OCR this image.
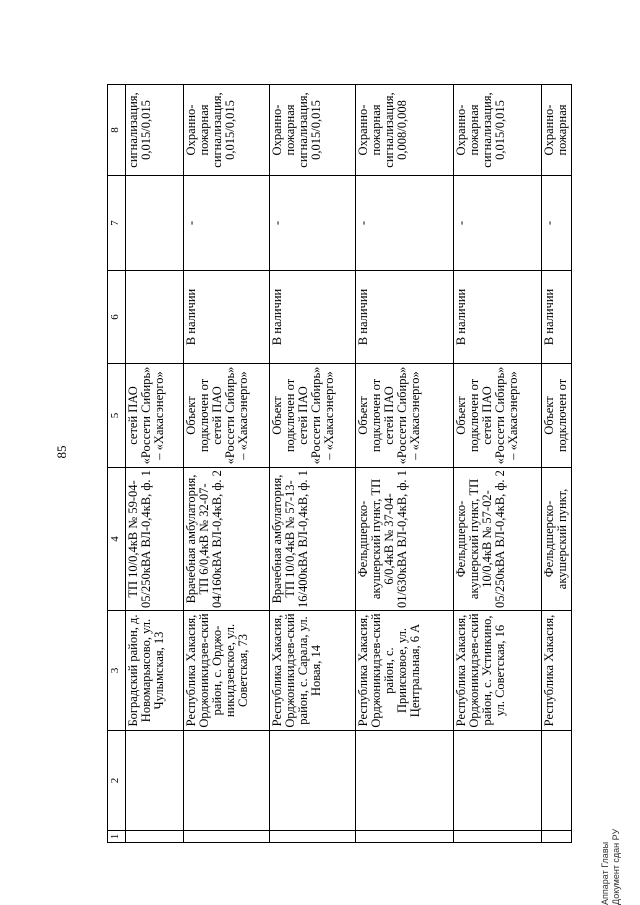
85
1	2	3	4	5	6	7	8
		Боградский район, д. Новомарьясово, ул. Чулымская, 13	ТП 10/0,4кВ № 59-04-05/250кВА ВЛ-0,4кВ, ф. 1	сетей ПАО «Россети Сибирь» – «Хакасэнерго»			сигнализация, 0,015/0,015
		Республика Хакасия, Орджоникидзев-ский район, с. Орджо-никидзевское, ул. Советская, 73	Врачебная амбулатория, ТП 6/0,4кВ № 32-07-04/160кВА ВЛ-0,4кВ, ф. 2	Объект подключен от сетей ПАО «Россети Сибирь» – «Хакасэнерго»	В наличии	-	Охранно-пожарная сигнализация, 0,015/0,015
		Республика Хакасия, Орджоникидзев-ский район, с. Сарала, ул. Новая, 14	Врачебная амбулатория, ТП 10/0,4кВ № 57-13-16/400кВА ВЛ-0,4кВ, ф. 1	Объект подключен от сетей ПАО «Россети Сибирь» – «Хакасэнерго»	В наличии	-	Охранно-пожарная сигнализация, 0,015/0,015
		Республика Хакасия, Орджоникидзев-ский район, с. Приисковое, ул. Центральная, 6 А	Фельдшерско-акушерский пункт, ТП 6/0,4кВ № 37-04-01/630кВА ВЛ-0,4кВ, ф. 1	Объект подключен от сетей ПАО «Россети Сибирь» – «Хакасэнерго»	В наличии	-	Охранно-пожарная сигнализация, 0,008/0,008
		Республика Хакасия, Орджоникидзев-ский район, с. Устинкино, ул. Советская, 16	Фельдшерско-акушерский пункт, ТП 10/0,4кВ № 57-02-05/250кВА ВЛ-0,4кВ, ф. 2	Объект подключен от сетей ПАО «Россети Сибирь» – «Хакасэнерго»	В наличии	-	Охранно-пожарная сигнализация, 0,015/0,015
		Республика Хакасия,	Фельдшерско-акушерский пункт,	Объект подключен от	В наличии	-	Охранно-пожарная
Аппарат Главы Документ сдан РУ
